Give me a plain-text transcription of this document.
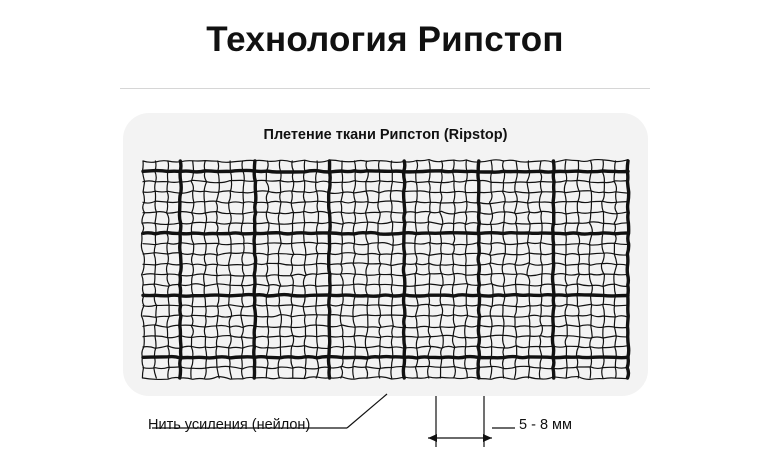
Технология Рипстоп
Плетение ткани Рипстоп (Ripstop)
Нить усиления (нейлон)	5 - 8 мм
